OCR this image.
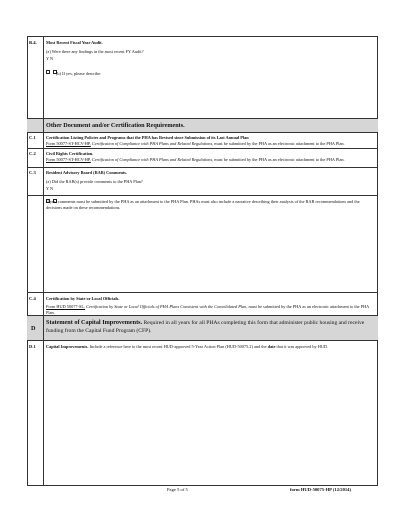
B.4. Most Recent Fiscal Year Audit.
(a) Were there any findings in the most recent FY Audit?
Y N
(b) If yes, please describe:
Other Document and/or Certification Requirements.
C.1 Certification Listing Policies and Programs that the PHA has Revised since Submission of its Last Annual Plan
Form 50077-ST-HCV-HP, Certification of Compliance with PHA Plans and Related Regulations, must be submitted by the PHA as an electronic attachment to the PHA Plan.
C.2 Civil Rights Certification.
Form 50077-ST-HCV-HP, Certification of Compliance with PHA Plans and Related Regulations, must be submitted by the PHA as an electronic attachment to the PHA Plan.
C.3 Resident Advisory Board (RAB) Comments.
(a) Did the RAB(s) provide comments to the PHA Plan?
Y N
If yes, comments must be submitted by the PHA as an attachment to the PHA Plan. PHAs must also include a narrative describing their analysis of the RAB recommendations and the decisions made on these recommendations.
C.4 Certification by State or Local Officials.
Form HUD 50077-SL, Certification by State or Local Officials of PHA Plans Consistent with the Consolidated Plan, must be submitted by the PHA as an electronic attachment to the PHA Plan.
D
Statement of Capital Improvements. Required in all years for all PHAs completing this form that administer public housing and receive funding from the Capital Fund Program (CFP).
D.1 Capital Improvements. Include a reference here to the most recent HUD-approved 5-Year Action Plan (HUD-50075.2) and the date that it was approved by HUD.
Page 5 of 5	form HUD-50075-HP (12/2014)
